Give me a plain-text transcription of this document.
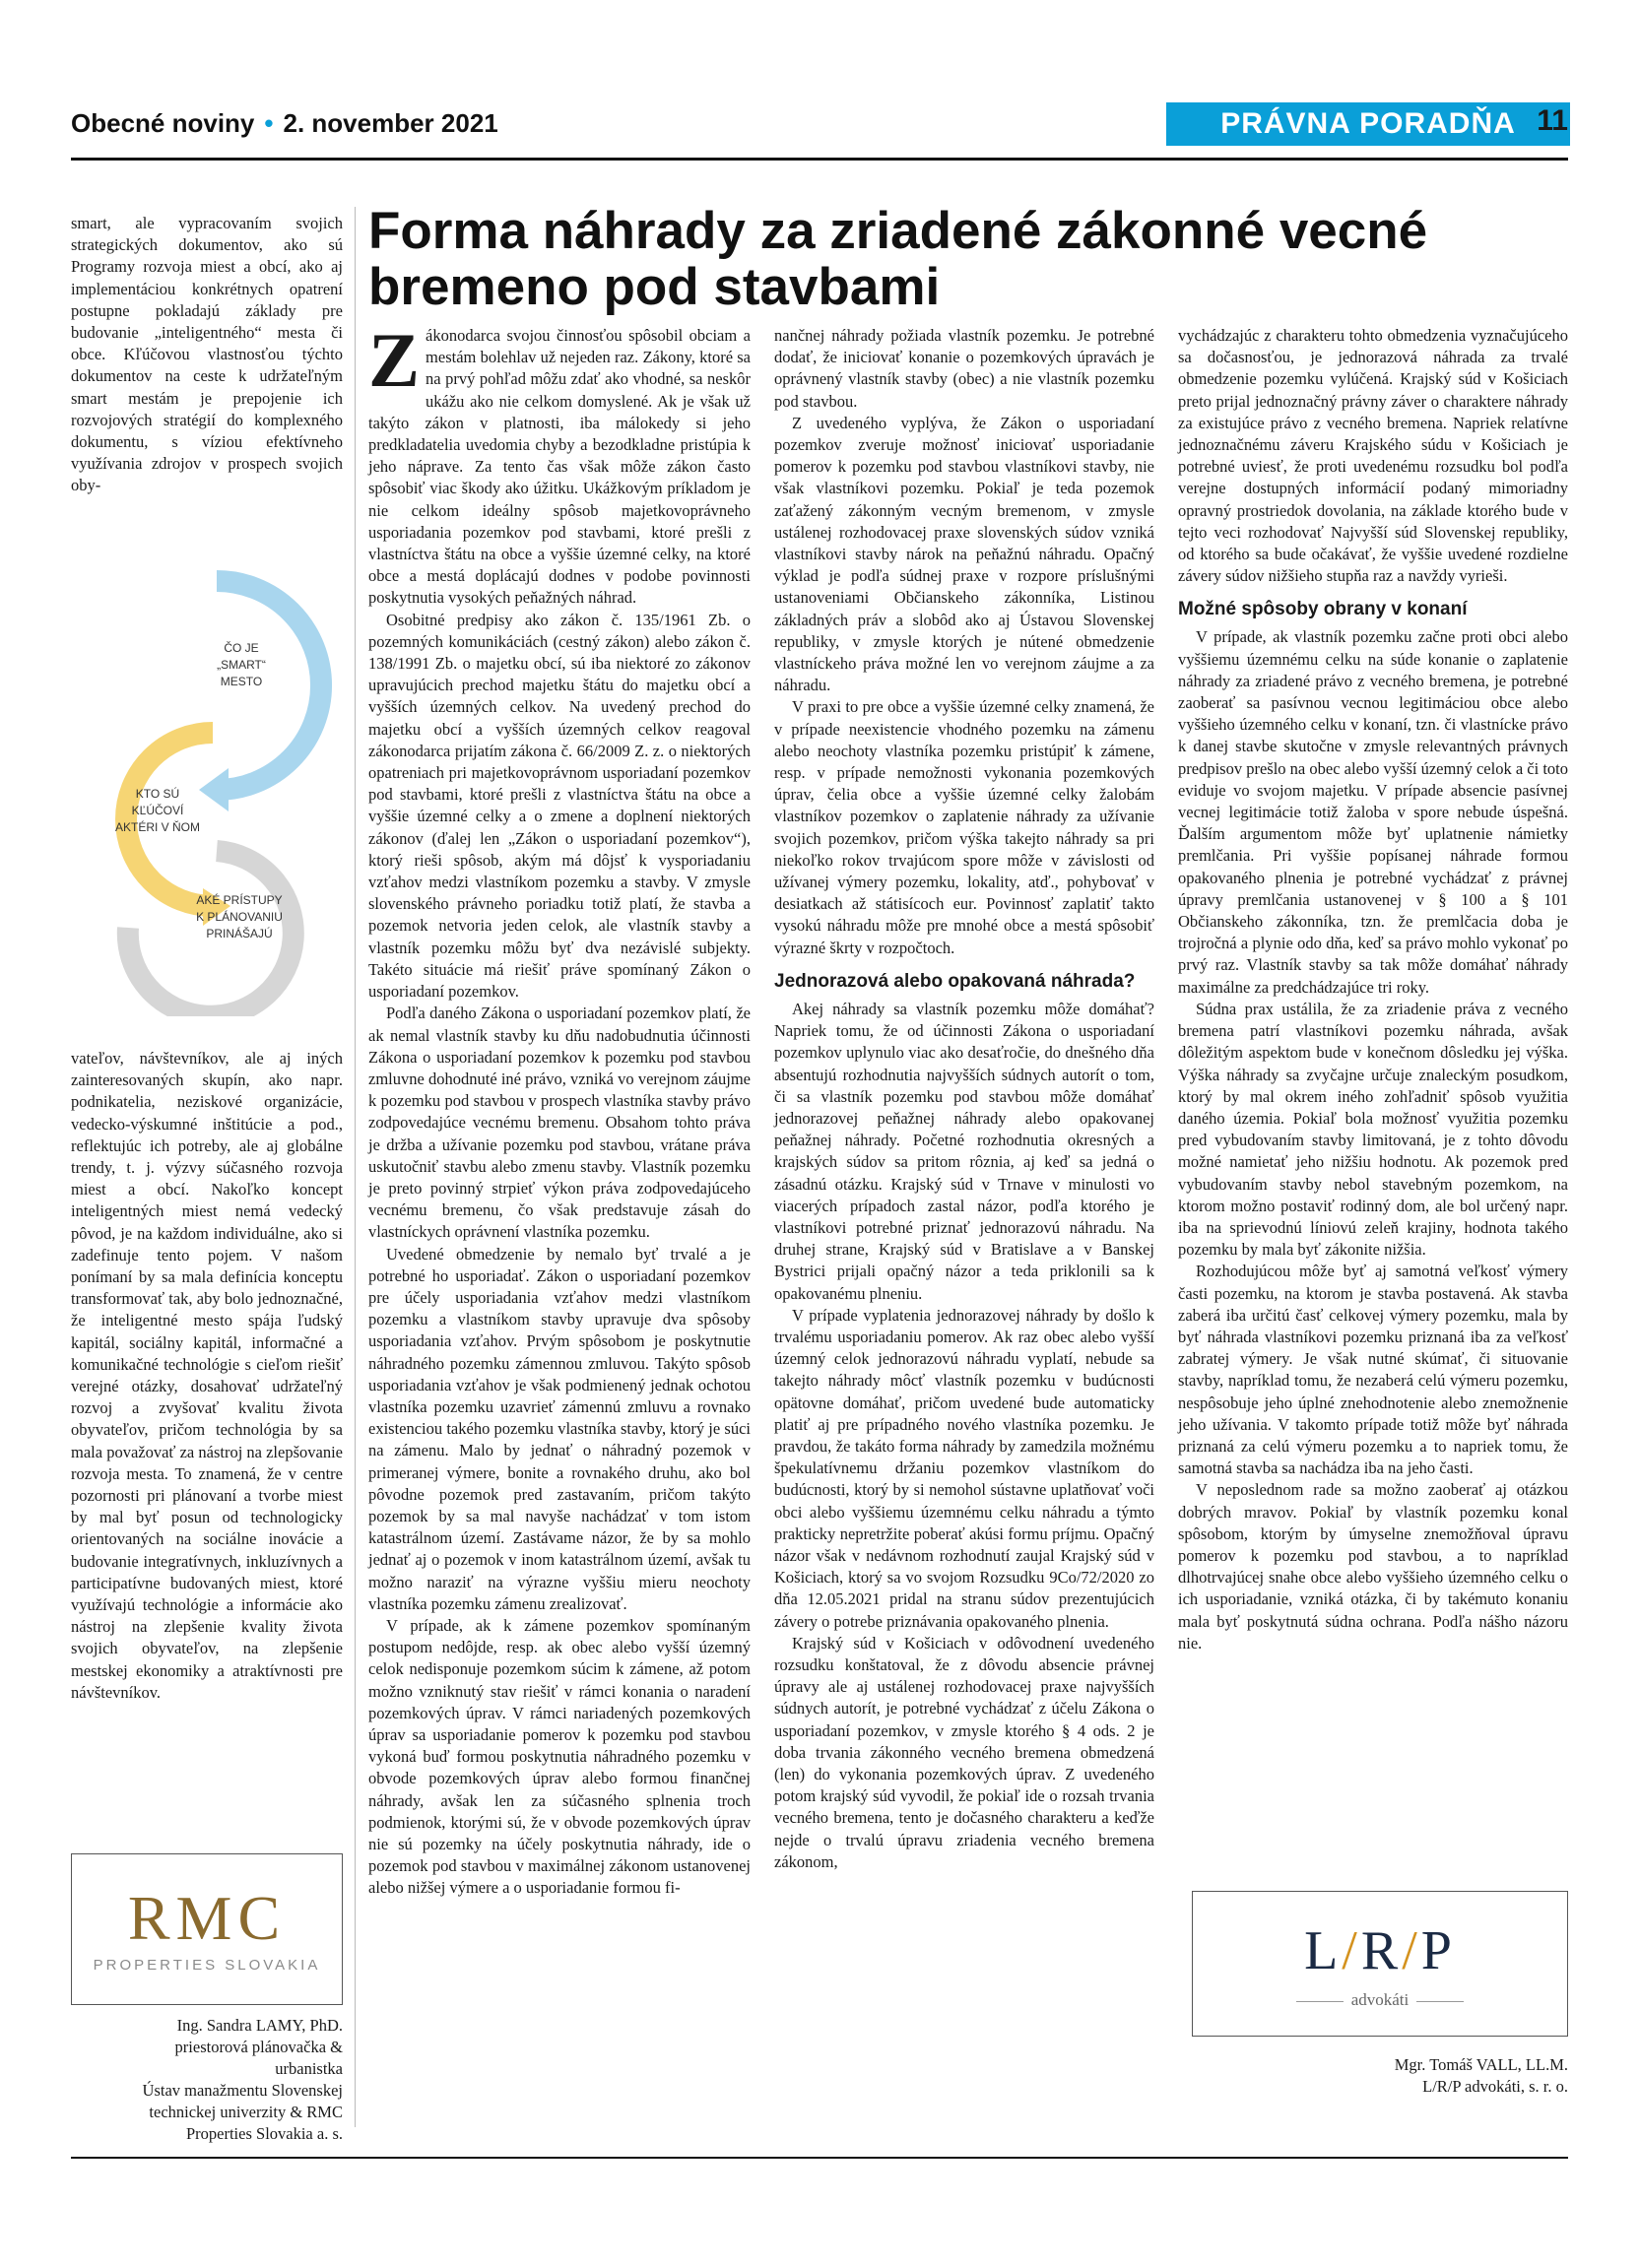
Obecné noviny • 2. november 2021	PRÁVNA PORADŇA 11

smart, ale vypracovaním svojich strategických dokumentov, ako sú Programy rozvoja miest a obcí, ako aj implementáciou konkrétnych opatrení postupne pokladajú základy pre budovanie „inteligentného“ mesta či obce. Kľúčovou vlastnosťou týchto dokumentov na ceste k udržateľným smart mestám je prepojenie ich rozvojových stratégií do komplexného dokumentu, s víziou efektívneho využívania zdrojov v prospech svojich oby-

ČO JE
„SMART“
MESTO
KTO SÚ
KĽÚČOVÍ
AKTÉRI V ŇOM
AKÉ PRÍSTUPY
K PLÁNOVANIU
PRINÁŠAJÚ

vateľov, návštevníkov, ale aj iných zainteresovaných skupín, ako napr. podnikatelia, neziskové organizácie, vedecko-výskumné inštitúcie a pod., reflektujúc ich potreby, ale aj globálne trendy, t. j. výzvy súčasného rozvoja miest a obcí. Nakoľko koncept inteligentných miest nemá vedecký pôvod, je na každom individuálne, ako si zadefinuje tento pojem. V našom ponímaní by sa mala definícia konceptu transformovať tak, aby bolo jednoznačné, že inteligentné mesto spája ľudský kapitál, sociálny kapitál, informačné a komunikačné technológie s cieľom riešiť verejné otázky, dosahovať udržateľný rozvoj a zvyšovať kvalitu života obyvateľov, pričom technológia by sa mala považovať za nástroj na zlepšovanie rozvoja mesta. To znamená, že v centre pozornosti pri plánovaní a tvorbe miest by mal byť posun od technologicky orientovaných na sociálne inovácie a budovanie integratívnych, inkluzívnych a participatívne budovaných miest, ktoré využívajú technológie a informácie ako nástroj na zlepšenie kvality života svojich obyvateľov, na zlepšenie mestskej ekonomiky a atraktívnosti pre návštevníkov.

RMC
PROPERTIES SLOVAKIA
Ing. Sandra LAMY, PhD.
priestorová plánovačka &
urbanistka
Ústav manažmentu Slovenskej
technickej univerzity & RMC
Properties Slovakia a. s.
Forma náhrady za zriadené zákonné vecné bremeno pod stavbami

Zákonodarca svojou činnosťou spôsobil obciam a mestám bolehlav už nejeden raz. Zákony, ktoré sa na prvý pohľad môžu zdať ako vhodné, sa neskôr ukážu ako nie celkom domyslené. Ak je však už takýto zákon v platnosti, iba málokedy si jeho predkladatelia uvedomia chyby a bezodkladne pristúpia k jeho náprave. Za tento čas však môže zákon často spôsobiť viac škody ako úžitku. Ukážkovým príkladom je nie celkom ideálny spôsob majetkovoprávneho usporiadania pozemkov pod stavbami, ktoré prešli z vlastníctva štátu na obce a vyššie územné celky, na ktoré obce a mestá doplácajú dodnes v podobe povinnosti poskytnutia vysokých peňažných náhrad.

Osobitné predpisy ako zákon č. 135/1961 Zb. o pozemných komunikáciách (cestný zákon) alebo zákon č. 138/1991 Zb. o majetku obcí, sú iba niektoré zo zákonov upravujúcich prechod majetku štátu do majetku obcí a vyšších územných celkov. Na uvedený prechod do majetku obcí a vyšších územných celkov reagoval zákonodarca prijatím zákona č. 66/2009 Z. z. o niektorých opatreniach pri majetkovoprávnom usporiadaní pozemkov pod stavbami, ktoré prešli z vlastníctva štátu na obce a vyššie územné celky a o zmene a doplnení niektorých zákonov (ďalej len „Zákon o usporiadaní pozemkov“), ktorý rieši spôsob, akým má dôjsť k vysporiadaniu vzťahov medzi vlastníkom pozemku a stavby. V zmysle slovenského právneho poriadku totiž platí, že stavba a pozemok netvoria jeden celok, ale vlastník stavby a vlastník pozemku môžu byť dva nezávislé subjekty. Takéto situácie má riešiť práve spomínaný Zákon o usporiadaní pozemkov.

Podľa daného Zákona o usporiadaní pozemkov platí, že ak nemal vlastník stavby ku dňu nadobudnutia účinnosti Zákona o usporiadaní pozemkov k pozemku pod stavbou zmluvne dohodnuté iné právo, vzniká vo verejnom záujme k pozemku pod stavbou v prospech vlastníka stavby právo zodpovedajúce vecnému bremenu. Obsahom tohto práva je držba a užívanie pozemku pod stavbou, vrátane práva uskutočniť stavbu alebo zmenu stavby. Vlastník pozemku je preto povinný strpieť výkon práva zodpovedajúceho vecnému bremenu, čo však predstavuje zásah do vlastníckych oprávnení vlastníka pozemku.

Uvedené obmedzenie by nemalo byť trvalé a je potrebné ho usporiadať. Zákon o usporiadaní pozemkov pre účely usporiadania vzťahov medzi vlastníkom pozemku a vlastníkom stavby upravuje dva spôsoby usporiadania vzťahov. Prvým spôsobom je poskytnutie náhradného pozemku zámennou zmluvou. Takýto spôsob usporiadania vzťahov je však podmienený jednak ochotou vlastníka pozemku uzavrieť zámennú zmluvu a rovnako existenciou takého pozemku vlastníka stavby, ktorý je súci na zámenu. Malo by jednať o náhradný pozemok v primeranej výmere, bonite a rovnakého druhu, ako bol pôvodne pozemok pred zastavaním, pričom takýto pozemok by sa mal navyše nachádzať v tom istom katastrálnom území. Zastávame názor, že by sa mohlo jednať aj o pozemok v inom katastrálnom území, avšak tu možno naraziť na výrazne vyššiu mieru neochoty vlastníka pozemku zámenu zrealizovať.

V prípade, ak k zámene pozemkov spomínaným postupom nedôjde, resp. ak obec alebo vyšší územný celok nedisponuje pozemkom súcim k zámene, až potom možno vzniknutý stav riešiť v rámci konania o naradení pozemkových úprav. V rámci nariadených pozemkových úprav sa usporiadanie pomerov k pozemku pod stavbou vykoná buď formou poskytnutia náhradného pozemku v obvode pozemkových úprav alebo formou finančnej náhrady, avšak len za súčasného splnenia troch podmienok, ktorými sú, že v obvode pozemkových úprav nie sú pozemky na účely poskytnutia náhrady, ide o pozemok pod stavbou v maximálnej zákonom ustanovenej alebo nižšej výmere a o usporiadanie formou fi-

nančnej náhrady požiada vlastník pozemku. Je potrebné dodať, že iniciovať konanie o pozemkových úpravách je oprávnený vlastník stavby (obec) a nie vlastník pozemku pod stavbou.

Z uvedeného vyplýva, že Zákon o usporiadaní pozemkov zveruje možnosť iniciovať usporiadanie pomerov k pozemku pod stavbou vlastníkovi stavby, nie však vlastníkovi pozemku. Pokiaľ je teda pozemok zaťažený zákonným vecným bremenom, v zmysle ustálenej rozhodovacej praxe slovenských súdov vzniká vlastníkovi stavby nárok na peňažnú náhradu. Opačný výklad je podľa súdnej praxe v rozpore príslušnými ustanoveniami Občianskeho zákonníka, Listinou základných práv a slobôd ako aj Ústavou Slovenskej republiky, v zmysle ktorých je nútené obmedzenie vlastníckeho práva možné len vo verejnom záujme a za náhradu.

V praxi to pre obce a vyššie územné celky znamená, že v prípade neexistencie vhodného pozemku na zámenu alebo neochoty vlastníka pozemku pristúpiť k zámene, resp. v prípade nemožnosti vykonania pozemkových úprav, čelia obce a vyššie územné celky žalobám vlastníkov pozemkov o zaplatenie náhrady za užívanie svojich pozemkov, pričom výška takejto náhrady sa pri niekoľko rokov trvajúcom spore môže v závislosti od užívanej výmery pozemku, lokality, atď., pohybovať v desiatkach až státisícoch eur. Povinnosť zaplatiť takto vysokú náhradu môže pre mnohé obce a mestá spôsobiť výrazné škrty v rozpočtoch.

Jednorazová alebo opakovaná náhrada?

Akej náhrady sa vlastník pozemku môže domáhať? Napriek tomu, že od účinnosti Zákona o usporiadaní pozemkov uplynulo viac ako desaťročie, do dnešného dňa absentujú rozhodnutia najvyšších súdnych autorít o tom, či sa vlastník pozemku pod stavbou môže domáhať jednorazovej peňažnej náhrady alebo opakovanej peňažnej náhrady. Početné rozhodnutia okresných a krajských súdov sa pritom rôznia, aj keď sa jedná o zásadnú otázku. Krajský súd v Trnave v minulosti vo viacerých prípadoch zastal názor, podľa ktorého je vlastníkovi potrebné priznať jednorazovú náhradu. Na druhej strane, Krajský súd v Bratislave a v Banskej Bystrici prijali opačný názor a teda priklonili sa k opakovanému plneniu.

V prípade vyplatenia jednorazovej náhrady by došlo k trvalému usporiadaniu pomerov. Ak raz obec alebo vyšší územný celok jednorazovú náhradu vyplatí, nebude sa takejto náhrady môcť vlastník pozemku v budúcnosti opätovne domáhať, pričom uvedené bude automaticky platiť aj pre prípadného nového vlastníka pozemku. Je pravdou, že takáto forma náhrady by zamedzila možnému špekulatívnemu držaniu pozemkov vlastníkom do budúcnosti, ktorý by si nemohol sústavne uplatňovať voči obci alebo vyššiemu územnému celku náhradu a týmto prakticky nepretržite poberať akúsi formu príjmu. Opačný názor však v nedávnom rozhodnutí zaujal Krajský súd v Košiciach, ktorý sa vo svojom Rozsudku 9Co/72/2020 zo dňa 12.05.2021 pridal na stranu súdov prezentujúcich závery o potrebe priznávania opakovaného plnenia.

Krajský súd v Košiciach v odôvodnení uvedeného rozsudku konštatoval, že z dôvodu absencie právnej úpravy ale aj ustálenej rozhodovacej praxe najvyšších súdnych autorít, je potrebné vychádzať z účelu Zákona o usporiadaní pozemkov, v zmysle ktorého § 4 ods. 2 je doba trvania zákonného vecného bremena obmedzená (len) do vykonania pozemkových úprav. Z uvedeného potom krajský súd vyvodil, že pokiaľ ide o rozsah trvania vecného bremena, tento je dočasného charakteru a keďže nejde o trvalú úpravu zriadenia vecného bremena zákonom,

vychádzajúc z charakteru tohto obmedzenia vyznačujúceho sa dočasnosťou, je jednorazová náhrada za trvalé obmedzenie pozemku vylúčená. Krajský súd v Košiciach preto prijal jednoznačný právny záver o charaktere náhrady za existujúce právo z vecného bremena. Napriek relatívne jednoznačnému záveru Krajského súdu v Košiciach je potrebné uviesť, že proti uvedenému rozsudku bol podľa verejne dostupných informácií podaný mimoriadny opravný prostriedok dovolania, na základe ktorého bude v tejto veci rozhodovať Najvyšší súd Slovenskej republiky, od ktorého sa bude očakávať, že vyššie uvedené rozdielne závery súdov nižšieho stupňa raz a navždy vyrieši.

Možné spôsoby obrany v konaní

V prípade, ak vlastník pozemku začne proti obci alebo vyššiemu územnému celku na súde konanie o zaplatenie náhrady za zriadené právo z vecného bremena, je potrebné zaoberať sa pasívnou vecnou legitimáciou obce alebo vyššieho územného celku v konaní, tzn. či vlastnícke právo k danej stavbe skutočne v zmysle relevantných právnych predpisov prešlo na obec alebo vyšší územný celok a či toto eviduje vo svojom majetku. V prípade absencie pasívnej vecnej legitimácie totiž žaloba v spore nebude úspešná. Ďalším argumentom môže byť uplatnenie námietky premlčania. Pri vyššie popísanej náhrade formou opakovaného plnenia je potrebné vychádzať z právnej úpravy premlčania ustanovenej v § 100 a § 101 Občianskeho zákonníka, tzn. že premlčacia doba je trojročná a plynie odo dňa, keď sa právo mohlo vykonať po prvý raz. Vlastník stavby sa tak môže domáhať náhrady maximálne za predchádzajúce tri roky.

Súdna prax ustálila, že za zriadenie práva z vecného bremena patrí vlastníkovi pozemku náhrada, avšak dôležitým aspektom bude v konečnom dôsledku jej výška. Výška náhrady sa zvyčajne určuje znaleckým posudkom, ktorý by mal okrem iného zohľadniť spôsob využitia daného územia. Pokiaľ bola možnosť využitia pozemku pred vybudovaním stavby limitovaná, je z tohto dôvodu možné namietať jeho nižšiu hodnotu. Ak pozemok pred vybudovaním stavby nebol stavebným pozemkom, na ktorom možno postaviť rodinný dom, ale bol určený napr. iba na sprievodnú líniovú zeleň krajiny, hodnota takého pozemku by mala byť zákonite nižšia.

Rozhodujúcou môže byť aj samotná veľkosť výmery časti pozemku, na ktorom je stavba postavená. Ak stavba zaberá iba určitú časť celkovej výmery pozemku, mala by byť náhrada vlastníkovi pozemku priznaná iba za veľkosť zabratej výmery. Je však nutné skúmať, či situovanie stavby, napríklad tomu, že nezaberá celú výmeru pozemku, nespôsobuje jeho úplné znehodnotenie alebo znemožnenie jeho užívania. V takomto prípade totiž môže byť náhrada priznaná za celú výmeru pozemku a to napriek tomu, že samotná stavba sa nachádza iba na jeho časti.

V neposlednom rade sa možno zaoberať aj otázkou dobrých mravov. Pokiaľ by vlastník pozemku konal spôsobom, ktorým by úmyselne znemožňoval úpravu pomerov k pozemku pod stavbou, a to napríklad dlhotrvajúcej snahe obce alebo vyššieho územného celku o ich usporiadanie, vzniká otázka, či by takémuto konaniu mala byť poskytnutá súdna ochrana. Podľa nášho názoru nie.

L/R/P
advokáti
Mgr. Tomáš VALL, LL.M.
L/R/P advokáti, s. r. o.
